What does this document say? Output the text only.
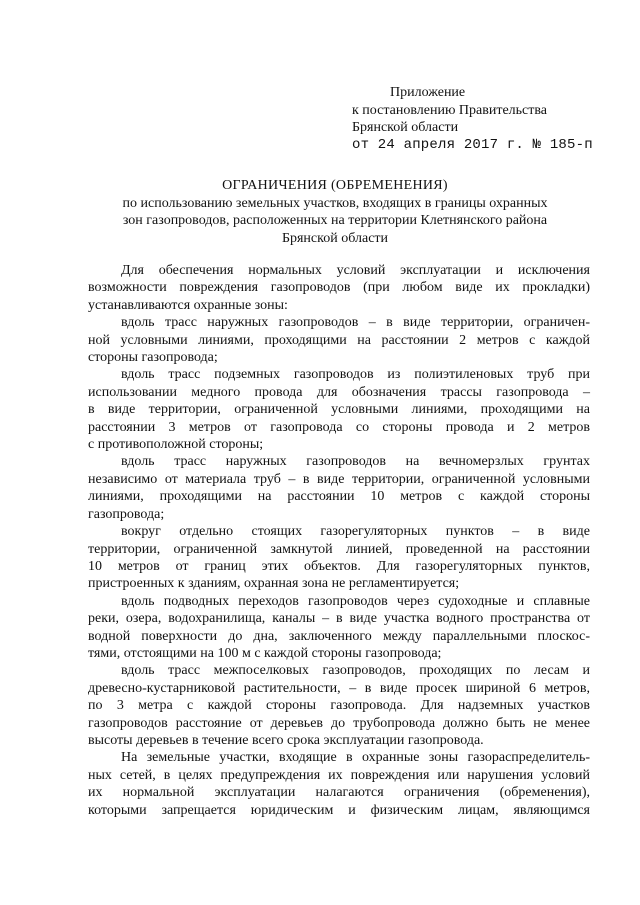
Приложение
к постановлению Правительства
Брянской области
от 24 апреля 2017 г. № 185-п
ОГРАНИЧЕНИЯ (ОБРЕМЕНЕНИЯ)
по использованию земельных участков, входящих в границы охранных
зон газопроводов, расположенных на территории Клетнянского района
Брянской области
Для обеспечения нормальных условий эксплуатации и исключения
возможности повреждения газопроводов (при любом виде их прокладки)
устанавливаются охранные зоны:
вдоль трасс наружных газопроводов – в виде территории, ограничен-
ной условными линиями, проходящими на расстоянии 2 метров с каждой
стороны газопровода;
вдоль трасс подземных газопроводов из полиэтиленовых труб при
использовании медного провода для обозначения трассы газопровода –
в виде территории, ограниченной условными линиями, проходящими на
расстоянии 3 метров от газопровода со стороны провода и 2 метров
с противоположной стороны;
вдоль трасс наружных газопроводов на вечномерзлых грунтах
независимо от материала труб – в виде территории, ограниченной условными
линиями, проходящими на расстоянии 10 метров с каждой стороны
газопровода;
вокруг отдельно стоящих газорегуляторных пунктов – в виде
территории, ограниченной замкнутой линией, проведенной на расстоянии
10 метров от границ этих объектов. Для газорегуляторных пунктов,
пристроенных к зданиям, охранная зона не регламентируется;
вдоль подводных переходов газопроводов через судоходные и сплавные
реки, озера, водохранилища, каналы – в виде участка водного пространства от
водной поверхности до дна, заключенного между параллельными плоскос-
тями, отстоящими на 100 м с каждой стороны газопровода;
вдоль трасс межпоселковых газопроводов, проходящих по лесам и
древесно-кустарниковой растительности, – в виде просек шириной 6 метров,
по 3 метра с каждой стороны газопровода. Для надземных участков
газопроводов расстояние от деревьев до трубопровода должно быть не менее
высоты деревьев в течение всего срока эксплуатации газопровода.
На земельные участки, входящие в охранные зоны газораспределитель-
ных сетей, в целях предупреждения их повреждения или нарушения условий
их нормальной эксплуатации налагаются ограничения (обременения),
которыми запрещается юридическим и физическим лицам, являющимся
